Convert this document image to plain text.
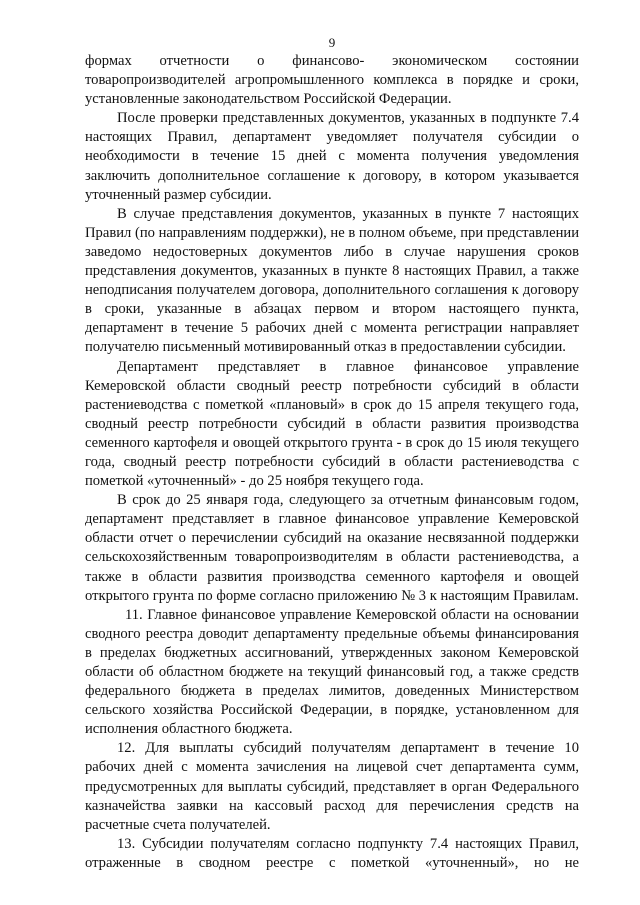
9

формах отчетности о финансово- экономическом состоянии товаропроизводителей агропромышленного комплекса в порядке и сроки, установленные законодательством Российской Федерации.

После проверки представленных документов, указанных в подпункте 7.4 настоящих Правил, департамент уведомляет получателя субсидии о необходимости в течение 15 дней с момента получения уведомления заключить дополнительное соглашение к договору, в котором указывается уточненный размер субсидии.

В случае представления документов, указанных в пункте 7 настоящих Правил (по направлениям поддержки), не в полном объеме, при представлении заведомо недостоверных документов либо в случае нарушения сроков представления документов, указанных в пункте 8 настоящих Правил, а также неподписания получателем договора, дополнительного соглашения к договору в сроки, указанные в абзацах первом и втором настоящего пункта, департамент в течение 5 рабочих дней с момента регистрации направляет получателю письменный мотивированный отказ в предоставлении субсидии.

Департамент представляет в главное финансовое управление Кемеровской области сводный реестр потребности субсидий в области растениеводства с пометкой «плановый» в срок до 15 апреля текущего года, сводный реестр потребности субсидий в области развития производства семенного картофеля и овощей открытого грунта - в срок до 15 июля текущего года, сводный реестр потребности субсидий в области растениеводства с пометкой «уточненный» - до 25 ноября текущего года.

В срок до 25 января года, следующего за отчетным финансовым годом, департамент представляет в главное финансовое управление Кемеровской области отчет о перечислении субсидий на оказание несвязанной поддержки сельскохозяйственным товаропроизводителям в области растениеводства, а также в области развития производства семенного картофеля и овощей открытого грунта по форме согласно приложению № 3 к настоящим Правилам.

11. Главное финансовое управление Кемеровской области на основании сводного реестра доводит департаменту предельные объемы финансирования в пределах бюджетных ассигнований, утвержденных законом Кемеровской области об областном бюджете на текущий финансовый год, а также средств федерального бюджета в пределах лимитов, доведенных Министерством сельского хозяйства Российской Федерации, в порядке, установленном для исполнения областного бюджета.

12. Для выплаты субсидий получателям департамент в течение 10 рабочих дней с момента зачисления на лицевой счет департамента сумм, предусмотренных для выплаты субсидий, представляет в орган Федерального казначейства заявки на кассовый расход для перечисления средств на расчетные счета получателей.

13. Субсидии получателям согласно подпункту 7.4 настоящих Правил, отраженные в сводном реестре с пометкой «уточненный», но не
